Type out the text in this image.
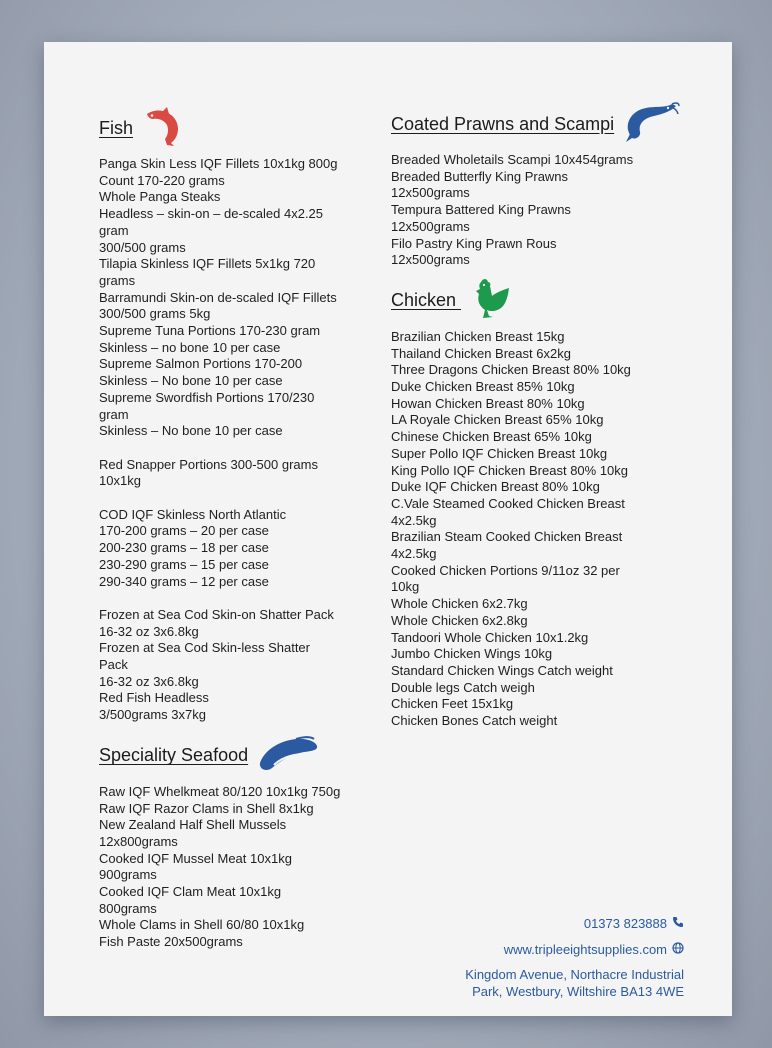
Fish
Panga Skin Less IQF Fillets 10x1kg 800g
Count 170-220 grams
Whole Panga Steaks
Headless – skin-on – de-scaled 4x2.25
gram
300/500 grams
Tilapia Skinless IQF Fillets 5x1kg 720
grams
Barramundi Skin-on de-scaled IQF Fillets
300/500 grams 5kg
Supreme Tuna Portions 170-230 gram
Skinless – no bone 10 per case
Supreme Salmon Portions 170-200
Skinless – No bone 10 per case
Supreme Swordfish Portions 170/230
gram
Skinless – No bone 10 per case
Red Snapper Portions 300-500 grams
10x1kg
COD IQF Skinless North Atlantic
170-200 grams – 20 per case
200-230 grams – 18 per case
230-290 grams – 15 per case
290-340 grams – 12 per case
Frozen at Sea Cod Skin-on Shatter Pack
16-32 oz 3x6.8kg
Frozen at Sea Cod Skin-less Shatter
Pack
16-32 oz 3x6.8kg
Red Fish Headless
3/500grams 3x7kg
Speciality Seafood
Raw IQF Whelkmeat 80/120 10x1kg 750g
Raw IQF Razor Clams in Shell 8x1kg
New Zealand Half Shell Mussels
12x800grams
Cooked IQF Mussel Meat 10x1kg
900grams
Cooked IQF Clam Meat 10x1kg
800grams
Whole Clams in Shell 60/80 10x1kg
Fish Paste 20x500grams
Coated Prawns and Scampi
Breaded Wholetails Scampi 10x454grams
Breaded Butterfly King Prawns
12x500grams
Tempura Battered King Prawns
12x500grams
Filo Pastry King Prawn Rous
12x500grams
Chicken
Brazilian Chicken Breast 15kg
Thailand Chicken Breast 6x2kg
Three Dragons Chicken Breast 80% 10kg
Duke Chicken Breast 85% 10kg
Howan Chicken Breast 80% 10kg
LA Royale Chicken Breast 65% 10kg
Chinese Chicken Breast 65% 10kg
Super Pollo IQF Chicken Breast 10kg
King Pollo IQF Chicken Breast 80% 10kg
Duke IQF Chicken Breast 80% 10kg
C.Vale Steamed Cooked Chicken Breast
4x2.5kg
Brazilian Steam Cooked Chicken Breast
4x2.5kg
Cooked Chicken Portions 9/11oz 32 per
10kg
Whole Chicken 6x2.7kg
Whole Chicken 6x2.8kg
Tandoori Whole Chicken 10x1.2kg
Jumbo Chicken Wings 10kg
Standard Chicken Wings Catch weight
Double legs Catch weigh
Chicken Feet 15x1kg
Chicken Bones Catch weight
01373 823888
www.tripleeightsupplies.com
Kingdom Avenue, Northacre Industrial
Park, Westbury, Wiltshire BA13 4WE
